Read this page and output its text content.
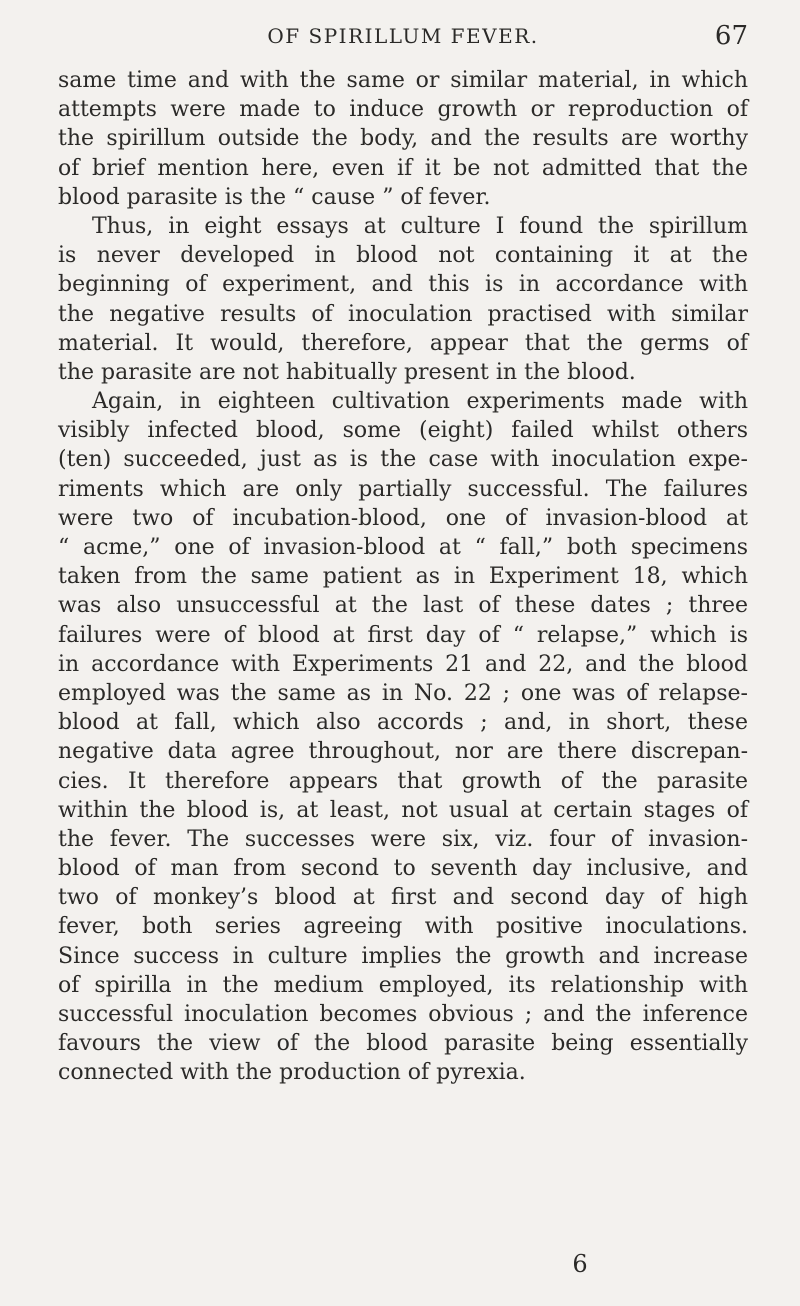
OF SPIRILLUM FEVER.	67
same time and with the same or similar material, in which
attempts were made to induce growth or reproduction of
the spirillum outside the body, and the results are worthy
of brief mention here, even if it be not admitted that the
blood parasite is the “ cause ” of fever.
Thus, in eight essays at culture I found the spirillum
is never developed in blood not containing it at the
beginning of experiment, and this is in accordance with
the negative results of inoculation practised with similar
material. It would, therefore, appear that the germs of
the parasite are not habitually present in the blood.
Again, in eighteen cultivation experiments made with
visibly infected blood, some (eight) failed whilst others
(ten) succeeded, just as is the case with inoculation expe-
riments which are only partially successful. The failures
were two of incubation-blood, one of invasion-blood at
“ acme,” one of invasion-blood at “ fall,” both specimens
taken from the same patient as in Experiment 18, which
was also unsuccessful at the last of these dates ; three
failures were of blood at first day of “ relapse,” which is
in accordance with Experiments 21 and 22, and the blood
employed was the same as in No. 22 ; one was of relapse-
blood at fall, which also accords ; and, in short, these
negative data agree throughout, nor are there discrepan-
cies. It therefore appears that growth of the parasite
within the blood is, at least, not usual at certain stages of
the fever. The successes were six, viz. four of invasion-
blood of man from second to seventh day inclusive, and
two of monkey’s blood at first and second day of high
fever, both series agreeing with positive inoculations.
Since success in culture implies the growth and increase
of spirilla in the medium employed, its relationship with
successful inoculation becomes obvious ; and the inference
favours the view of the blood parasite being essentially
connected with the production of pyrexia.
6
